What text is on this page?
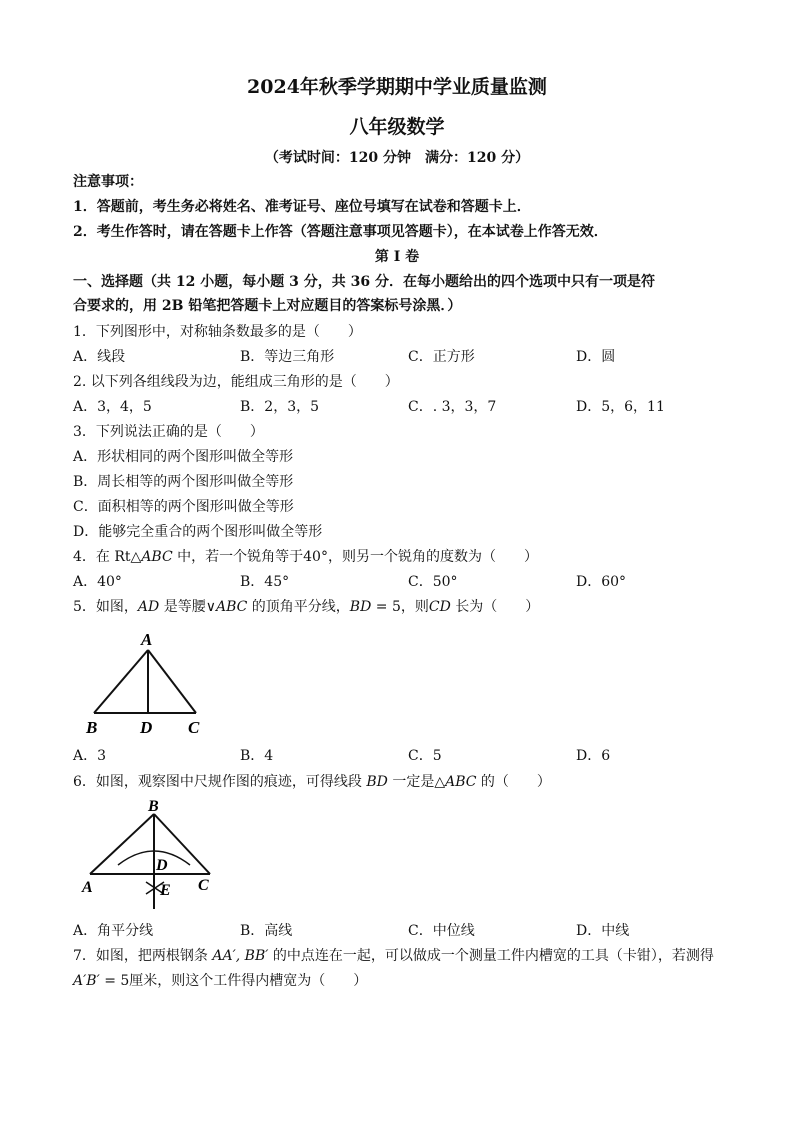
2024年秋季学期期中学业质量监测
八年级数学
（考试时间：120 分钟　满分：120 分）
注意事项：
1．答题前，考生务必将姓名、准考证号、座位号填写在试卷和答题卡上．
2．考生作答时，请在答题卡上作答（答题注意事项见答题卡），在本试卷上作答无效．
第 Ⅰ 卷
一、选择题（共 12 小题，每小题 3 分，共 36 分．在每小题给出的四个选项中只有一项是符
合要求的，用 2B 铅笔把答题卡上对应题目的答案标号涂黑．）
1．下列图形中，对称轴条数最多的是（　　）
A．线段	B．等边三角形	C．正方形	D．圆
2. 以下列各组线段为边，能组成三角形的是（　　）
A．3，4，5	B．2，3，5	C．. 3，3，7	D．5，6，11
3．下列说法正确的是（　　）
A．形状相同的两个图形叫做全等形
B．周长相等的两个图形叫做全等形
C．面积相等的两个图形叫做全等形
D．能够完全重合的两个图形叫做全等形
4．在 Rt△ABC 中，若一个锐角等于40°，则另一个锐角的度数为（　　）
A．40°	B．45°	C．50°	D．60°
5．如图，AD 是等腰∨ABC 的顶角平分线，BD = 5，则CD 长为（　　）
A
B	D C
A．3	B．4	C．5	D．6
6．如图，观察图中尺规作图的痕迹，可得线段 BD 一定是△ABC 的（　　）
B
A
D
E C
A．角平分线	B．高线	C．中位线	D．中线
7．如图，把两根钢条 AA′, BB′ 的中点连在一起，可以做成一个测量工件内槽宽的工具（卡钳），若测得
A′B′ = 5厘米，则这个工件得内槽宽为（　　）
